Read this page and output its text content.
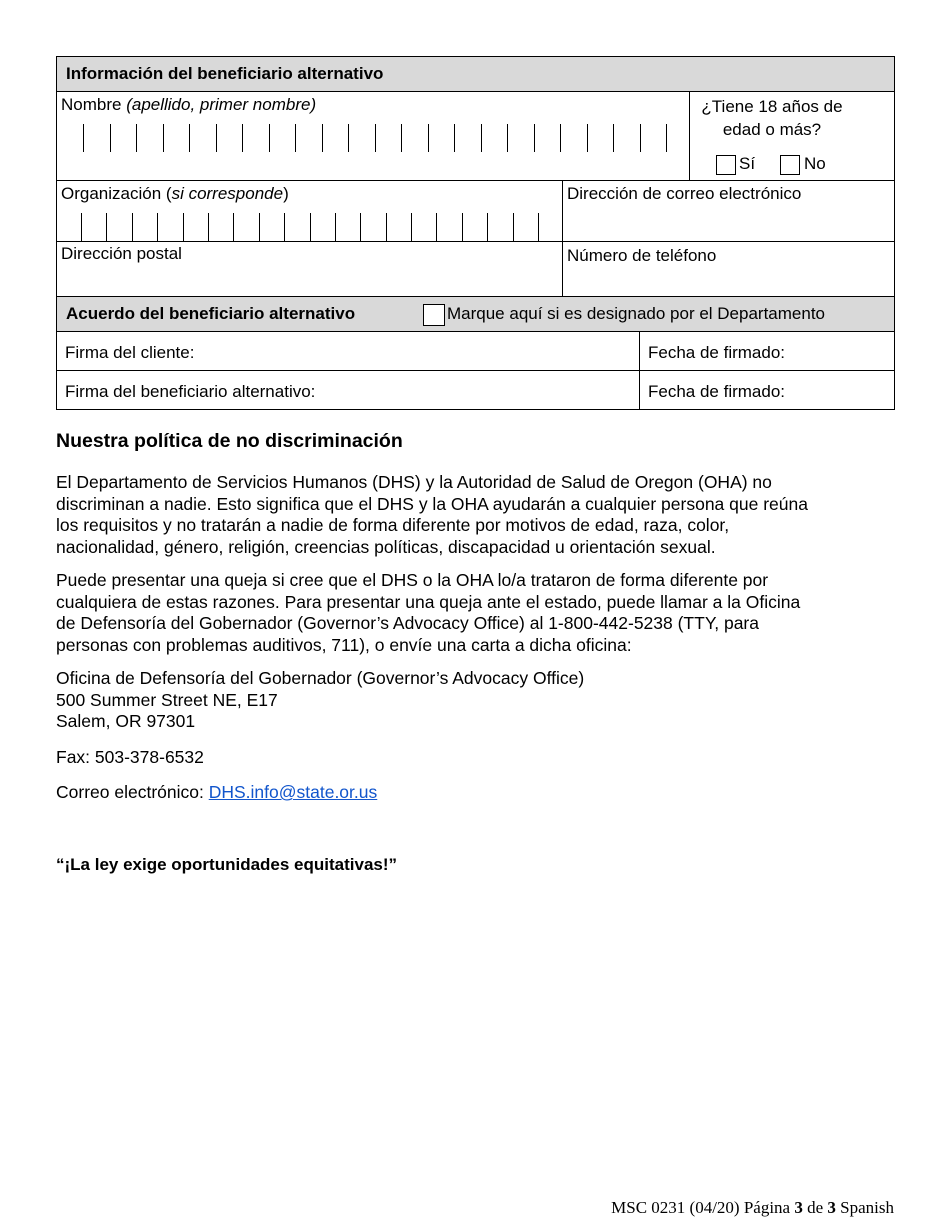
Información del beneficiario alternativo
Nombre (apellido, primer nombre)	¿Tiene 18 años de
edad o más?
Sí	No
Organización (si corresponde)	Dirección de correo electrónico
Dirección postal	Número de teléfono
Acuerdo del beneficiario alternativo	Marque aquí si es designado por el Departamento
Firma del cliente:	Fecha de firmado:
Firma del beneficiario alternativo:	Fecha de firmado:
Nuestra política de no discriminación
El Departamento de Servicios Humanos (DHS) y la Autoridad de Salud de Oregon (OHA) no
discriminan a nadie. Esto significa que el DHS y la OHA ayudarán a cualquier persona que reúna
los requisitos y no tratarán a nadie de forma diferente por motivos de edad, raza, color,
nacionalidad, género, religión, creencias políticas, discapacidad u orientación sexual.
Puede presentar una queja si cree que el DHS o la OHA lo/a trataron de forma diferente por
cualquiera de estas razones. Para presentar una queja ante el estado, puede llamar a la Oficina
de Defensoría del Gobernador (Governor’s Advocacy Office) al 1-800-442-5238 (TTY, para
personas con problemas auditivos, 711), o envíe una carta a dicha oficina:
Oficina de Defensoría del Gobernador (Governor’s Advocacy Office)
500 Summer Street NE, E17
Salem, OR 97301
Fax: 503-378-6532
Correo electrónico: DHS.info@state.or.us
“¡La ley exige oportunidades equitativas!”
MSC 0231 (04/20) Página 3 de 3 Spanish
